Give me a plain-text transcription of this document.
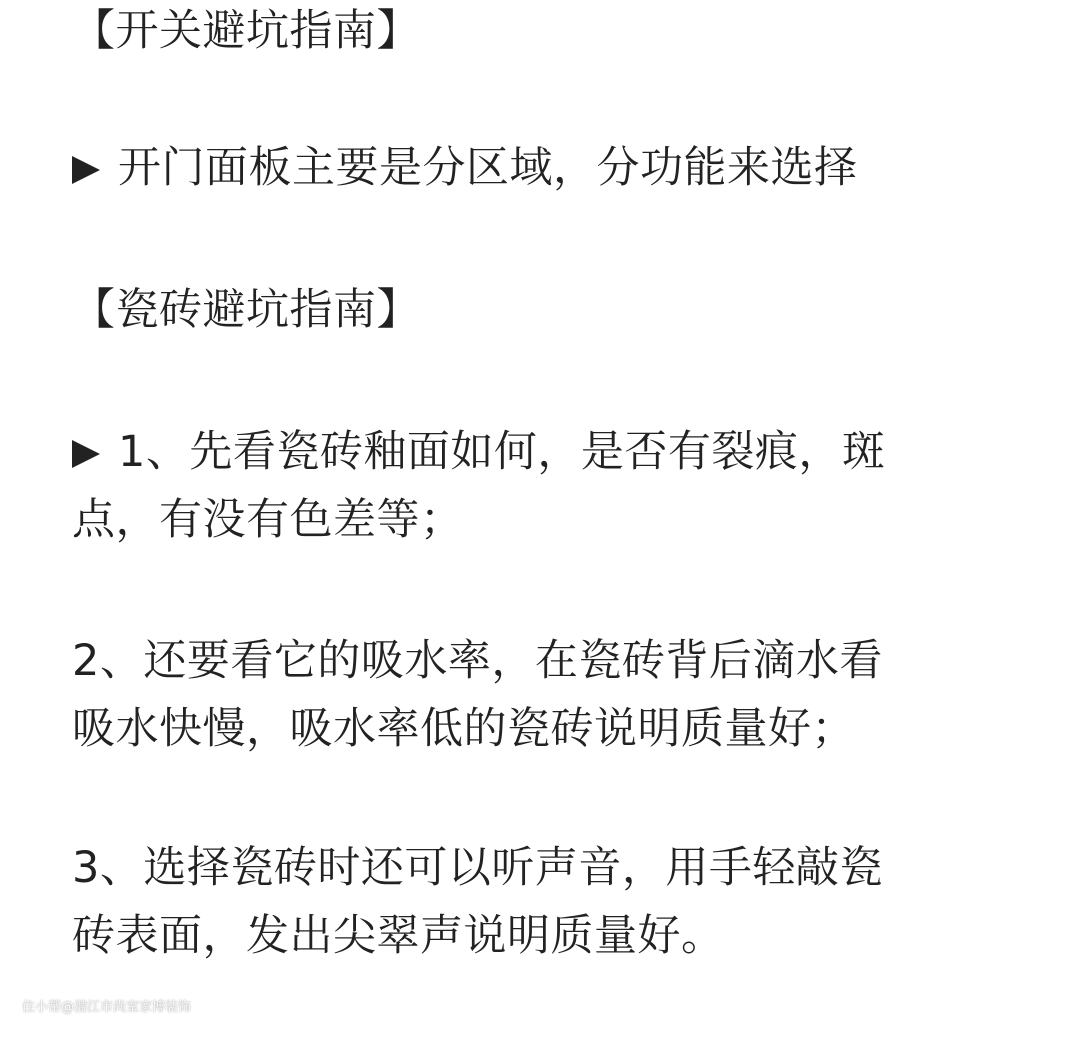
【开关避坑指南】
开门面板主要是分区域，分功能来选择
【瓷砖避坑指南】
1、先看瓷砖釉面如何，是否有裂痕，斑
点，有没有色差等；
2、还要看它的吸水率，在瓷砖背后滴水看
吸水快慢，吸水率低的瓷砖说明质量好；
3、选择瓷砖时还可以听声音，用手轻敲瓷
砖表面，发出尖翠声说明质量好。
住小帮@潜江市尚室家博装饰
